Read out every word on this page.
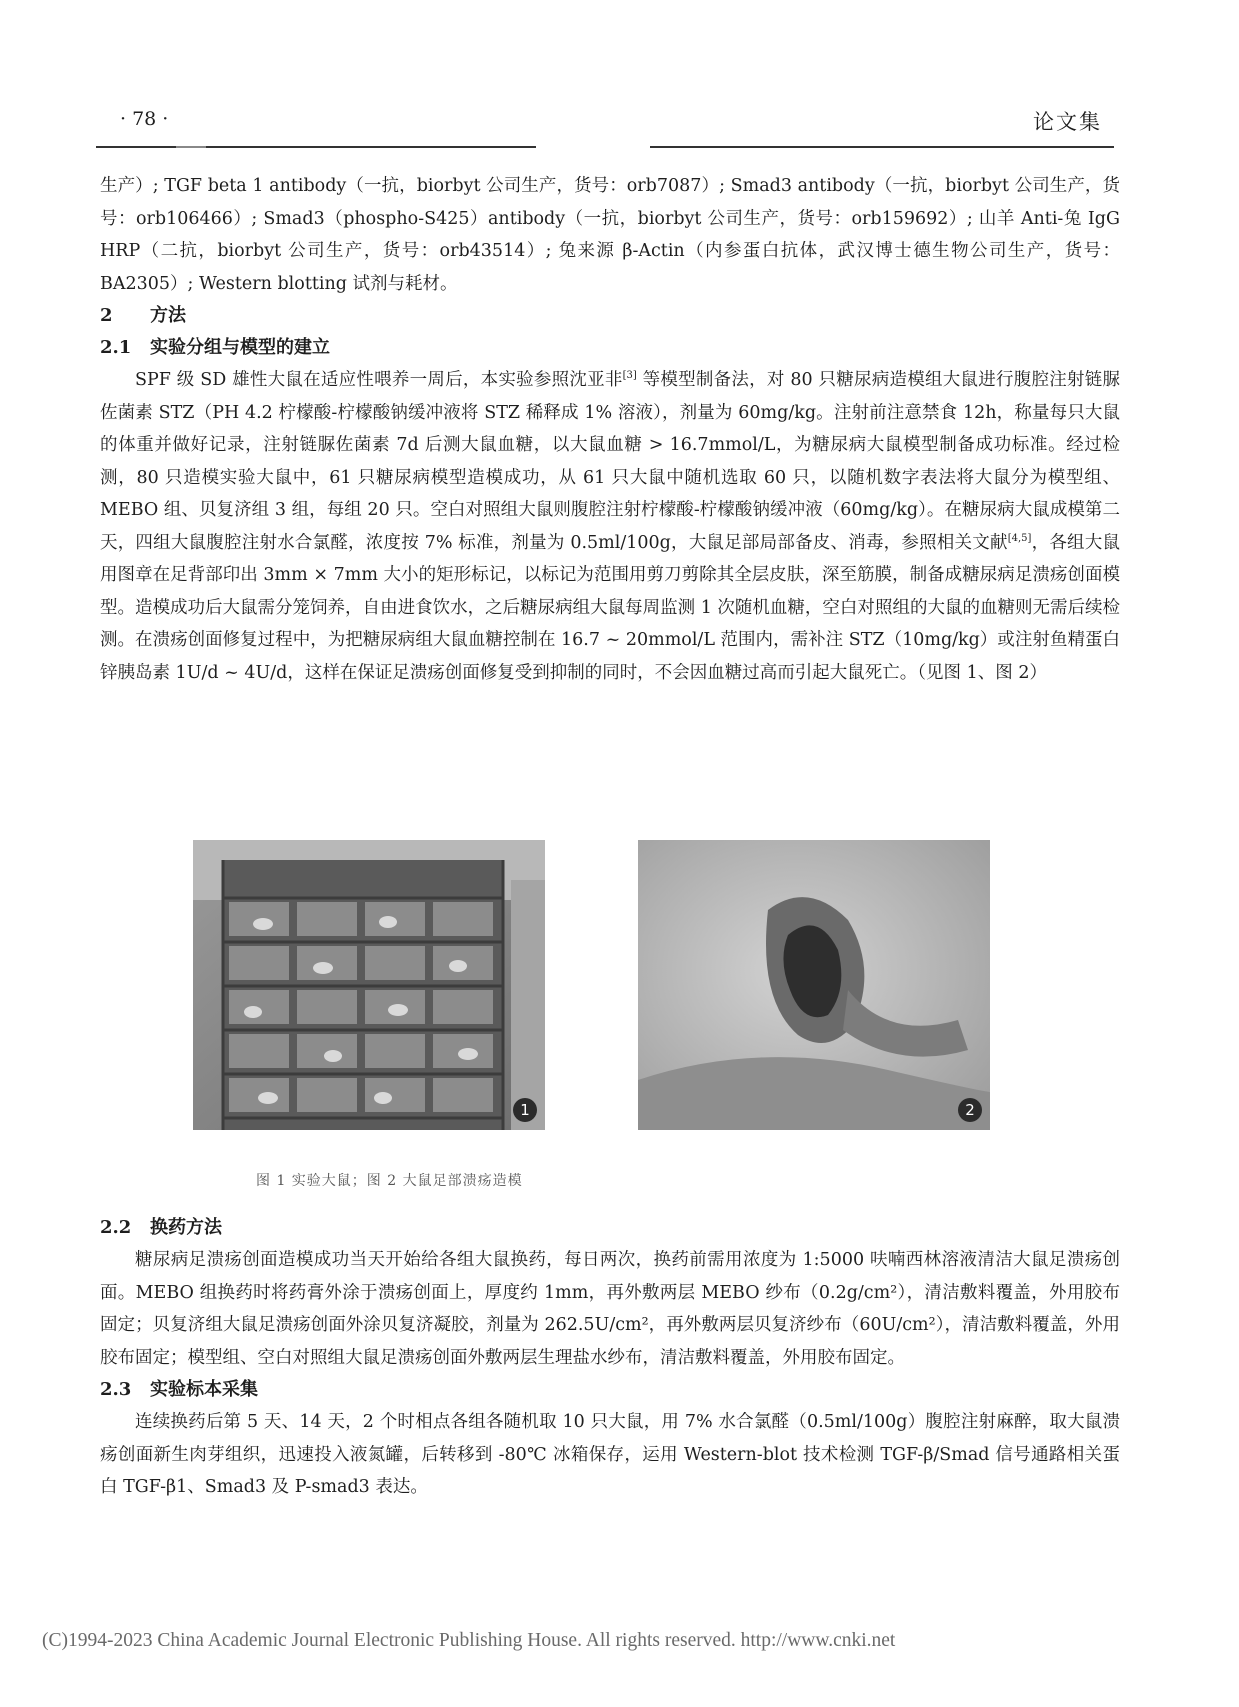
· 78 ·	论文集

生产）; TGF beta 1 antibody（一抗，biorbyt 公司生产，货号：orb7087）; Smad3 antibody（一抗，biorbyt 公司生产，货号：orb106466）; Smad3（phospho-S425）antibody（一抗，biorbyt 公司生产，货号：orb159692）; 山羊 Anti-兔 IgG HRP（二抗，biorbyt 公司生产，货号：orb43514）; 兔来源 β-Actin（内参蛋白抗体，武汉博士德生物公司生产，货号：BA2305）; Western blotting 试剂与耗材。

2 方法
2.1 实验分组与模型的建立

SPF 级 SD 雄性大鼠在适应性喂养一周后，本实验参照沈亚非[3] 等模型制备法，对 80 只糖尿病造模组大鼠进行腹腔注射链脲佐菌素 STZ（PH 4.2 柠檬酸-柠檬酸钠缓冲液将 STZ 稀释成 1% 溶液），剂量为 60mg/kg。注射前注意禁食 12h，称量每只大鼠的体重并做好记录，注射链脲佐菌素 7d 后测大鼠血糖，以大鼠血糖 > 16.7mmol/L，为糖尿病大鼠模型制备成功标准。经过检测，80 只造模实验大鼠中，61 只糖尿病模型造模成功，从 61 只大鼠中随机选取 60 只，以随机数字表法将大鼠分为模型组、MEBO 组、贝复济组 3 组，每组 20 只。空白对照组大鼠则腹腔注射柠檬酸-柠檬酸钠缓冲液（60mg/kg）。在糖尿病大鼠成模第二天，四组大鼠腹腔注射水合氯醛，浓度按 7% 标准，剂量为 0.5ml/100g，大鼠足部局部备皮、消毒，参照相关文献[4,5]，各组大鼠用图章在足背部印出 3mm × 7mm 大小的矩形标记，以标记为范围用剪刀剪除其全层皮肤，深至筋膜，制备成糖尿病足溃疡创面模型。造模成功后大鼠需分笼饲养，自由进食饮水，之后糖尿病组大鼠每周监测 1 次随机血糖，空白对照组的大鼠的血糖则无需后续检测。在溃疡创面修复过程中，为把糖尿病组大鼠血糖控制在 16.7 ~ 20mmol/L 范围内，需补注 STZ（10mg/kg）或注射鱼精蛋白锌胰岛素 1U/d ~ 4U/d，这样在保证足溃疡创面修复受到抑制的同时，不会因血糖过高而引起大鼠死亡。（见图 1、图 2）

1	2
图 1 实验大鼠；图 2 大鼠足部溃疡造模
2.2 换药方法

糖尿病足溃疡创面造模成功当天开始给各组大鼠换药，每日两次，换药前需用浓度为 1:5000 呋喃西林溶液清洁大鼠足溃疡创面。MEBO 组换药时将药膏外涂于溃疡创面上，厚度约 1mm，再外敷两层 MEBO 纱布（0.2g/cm²），清洁敷料覆盖，外用胶布固定；贝复济组大鼠足溃疡创面外涂贝复济凝胶，剂量为 262.5U/cm²，再外敷两层贝复济纱布（60U/cm²），清洁敷料覆盖，外用胶布固定；模型组、空白对照组大鼠足溃疡创面外敷两层生理盐水纱布，清洁敷料覆盖，外用胶布固定。

2.3 实验标本采集

连续换药后第 5 天、14 天，2 个时相点各组各随机取 10 只大鼠，用 7% 水合氯醛（0.5ml/100g）腹腔注射麻醉，取大鼠溃疡创面新生肉芽组织，迅速投入液氮罐，后转移到 -80℃ 冰箱保存，运用 Western-blot 技术检测 TGF-β/Smad 信号通路相关蛋白 TGF-β1、Smad3 及 P-smad3 表达。

(C)1994-2023 China Academic Journal Electronic Publishing House. All rights reserved. http://www.cnki.net
